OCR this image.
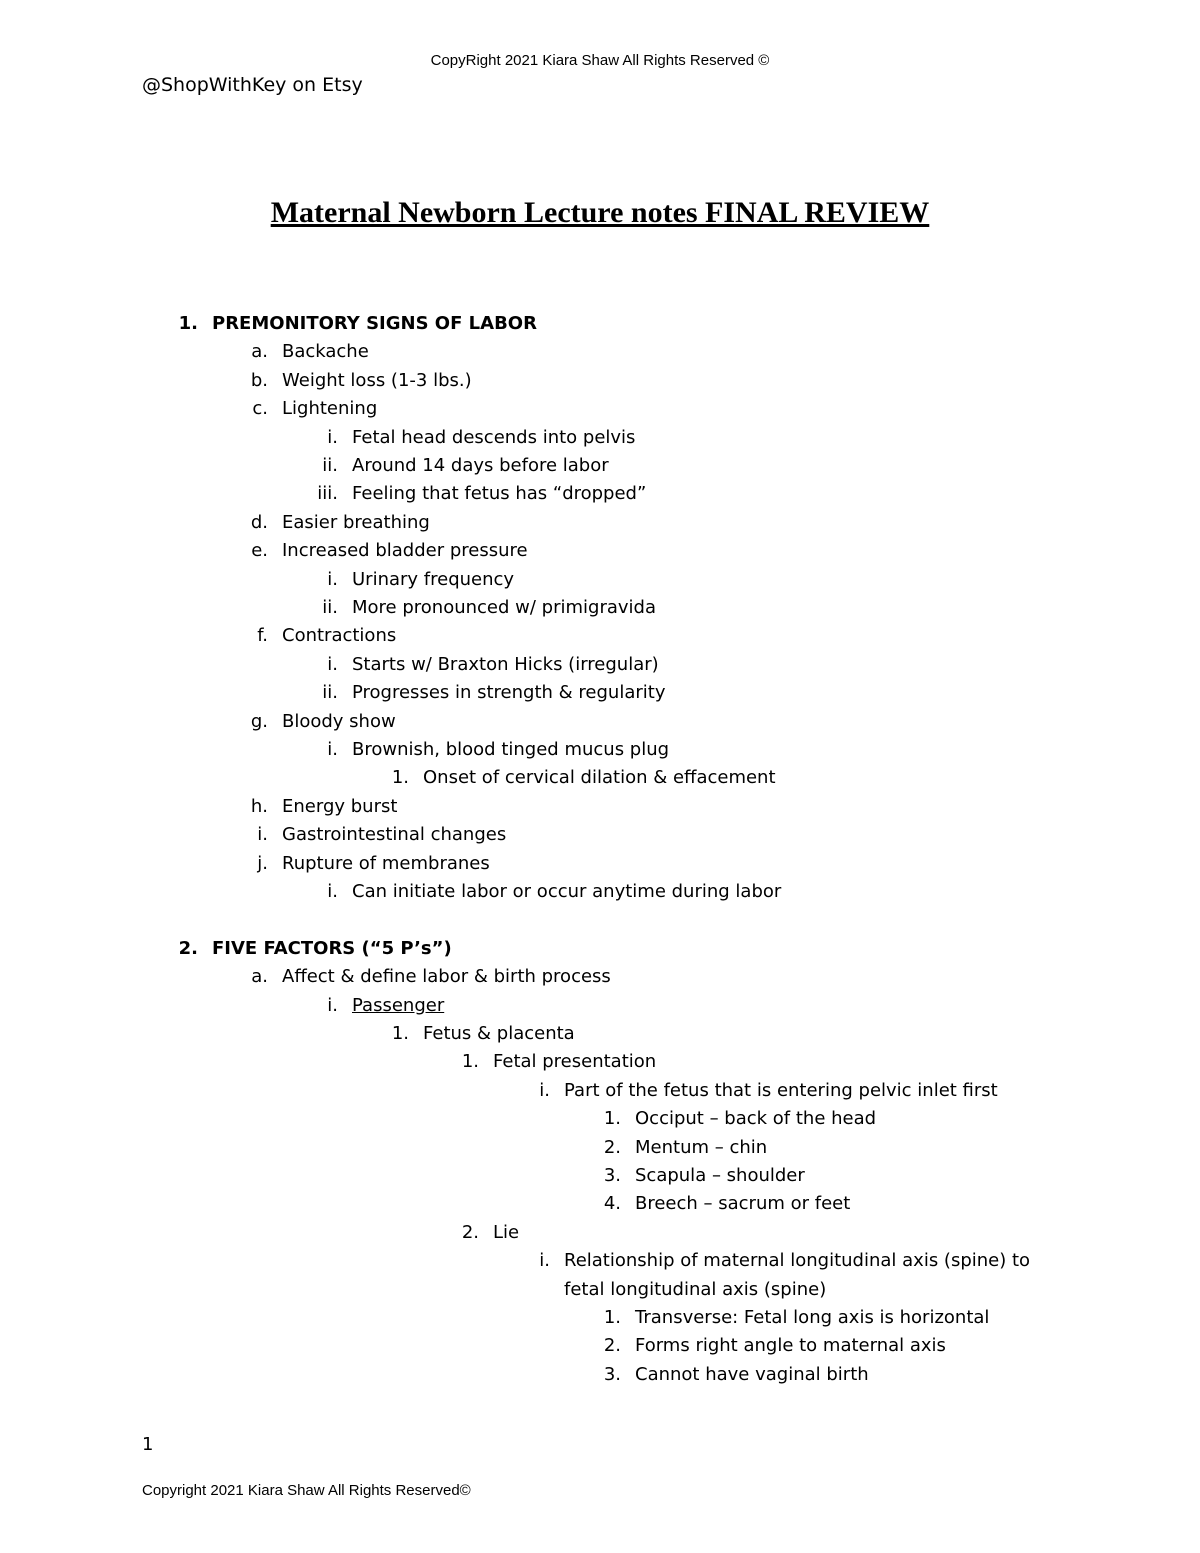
CopyRight 2021 Kiara Shaw All Rights Reserved ©
@ShopWithKey on Etsy
Maternal Newborn Lecture notes FINAL REVIEW
1. PREMONITORY SIGNS OF LABOR
a. Backache
b. Weight loss (1-3 lbs.)
c. Lightening
i. Fetal head descends into pelvis
ii. Around 14 days before labor
iii. Feeling that fetus has “dropped”
d. Easier breathing
e. Increased bladder pressure
i. Urinary frequency
ii. More pronounced w/ primigravida
f. Contractions
i. Starts w/ Braxton Hicks (irregular)
ii. Progresses in strength & regularity
g. Bloody show
i. Brownish, blood tinged mucus plug
1. Onset of cervical dilation & effacement
h. Energy burst
i. Gastrointestinal changes
j. Rupture of membranes
i. Can initiate labor or occur anytime during labor
2. FIVE FACTORS (“5 P’s”)
a. Affect & define labor & birth process
i. Passenger
1. Fetus & placenta
1. Fetal presentation
i. Part of the fetus that is entering pelvic inlet first
1. Occiput – back of the head
2. Mentum – chin
3. Scapula – shoulder
4. Breech – sacrum or feet
2. Lie
i. Relationship of maternal longitudinal axis (spine) to
fetal longitudinal axis (spine)
1. Transverse: Fetal long axis is horizontal
2. Forms right angle to maternal axis
3. Cannot have vaginal birth
1
Copyright 2021 Kiara Shaw All Rights Reserved©
